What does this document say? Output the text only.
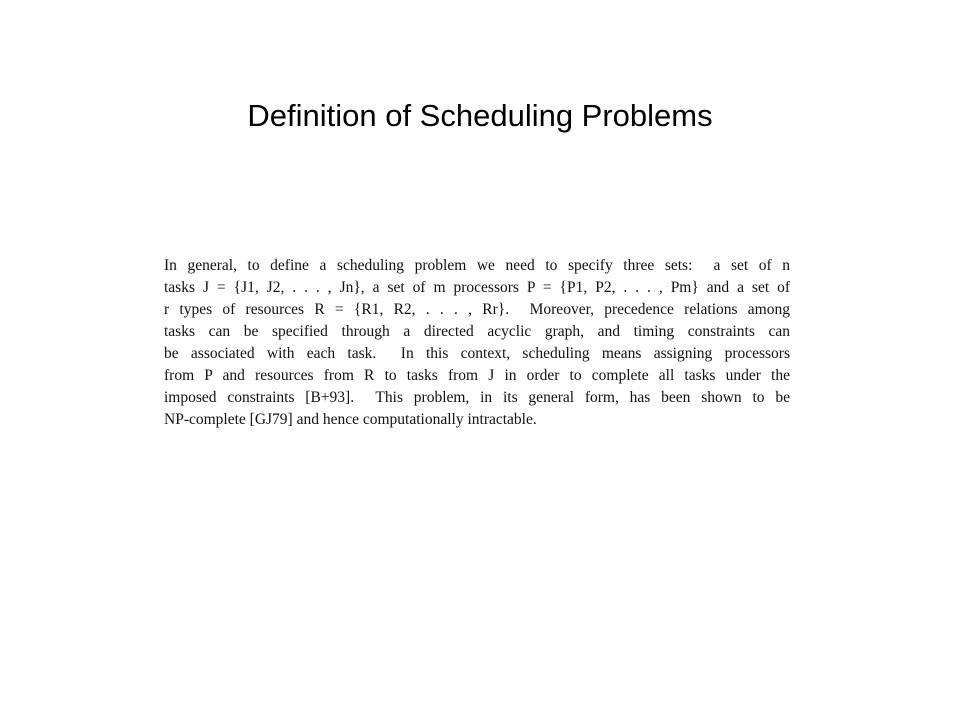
Definition of Scheduling Problems
In general, to define a scheduling problem we need to specify three sets:  a set of n
tasks J = {J1, J2, . . . , Jn}, a set of m processors P = {P1, P2, . . . , Pm} and a set of
r types of resources R = {R1, R2, . . . , Rr}.  Moreover, precedence relations among
tasks can be specified through a directed acyclic graph, and timing constraints can
be associated with each task.  In this context, scheduling means assigning processors
from P and resources from R to tasks from J in order to complete all tasks under the
imposed constraints [B+93].  This problem, in its general form, has been shown to be
NP-complete [GJ79] and hence computationally intractable.
